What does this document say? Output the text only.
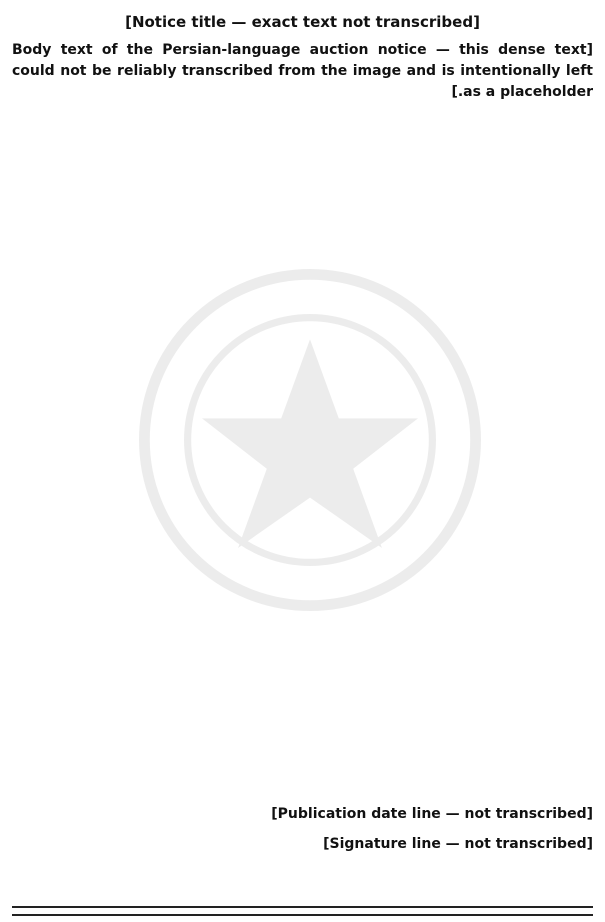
[Notice title — exact text not transcribed]
[Body text of the Persian-language auction notice — this dense text could not be reliably transcribed from the image and is intentionally left as a placeholder.]
[Publication date line — not transcribed]
[Signature line — not transcribed]
